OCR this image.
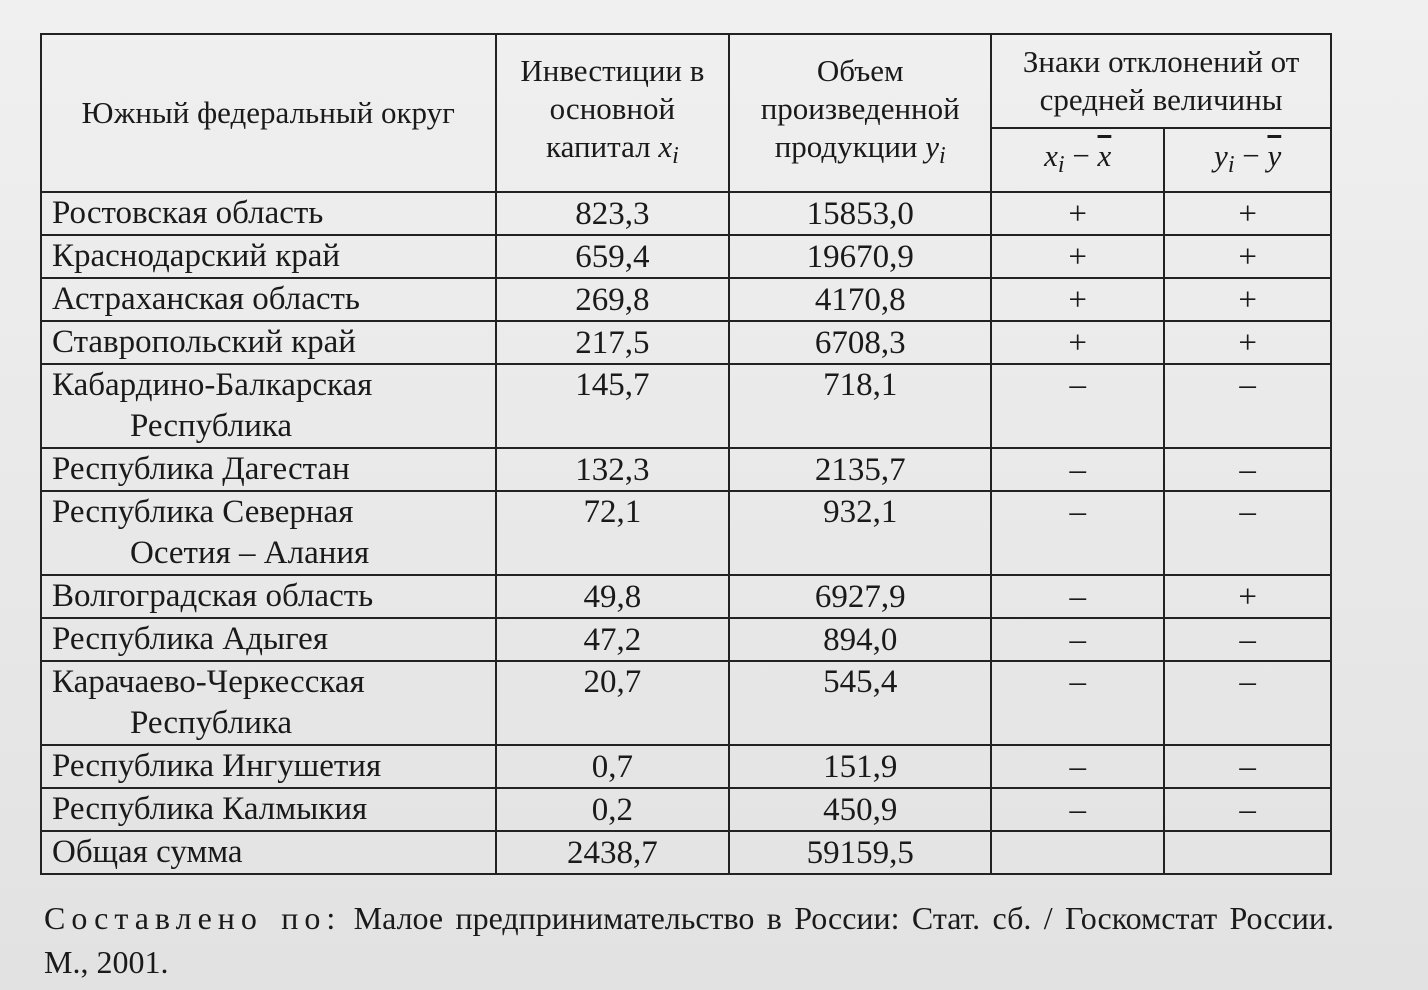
Южный федеральный округ	Инвестиции в основной капитал $x_i$	Объем произведенной продукции $y_i$	Знаки отклонений от средней величины	
			$x_i - \overline{x}$	$y_i - \overline{y}$
Ростовская область	823,3	15853,0	+	+
Краснодарский край	659,4	19670,9	+	+
Астраханская область	269,8	4170,8	+	+
Ставропольский край	217,5	6708,3	+	+
Кабардино-Балкарская
Республика	145,7	718,1	–	–
Республика Дагестан	132,3	2135,7	–	–
Республика Северная
Осетия – Алания	72,1	932,1	–	–
Волгоградская область	49,8	6927,9	–	+
Республика Адыгея	47,2	894,0	–	–
Карачаево-Черкесская
Республика	20,7	545,4	–	–
Республика Ингушетия	0,7	151,9	–	–
Республика Калмыкия	0,2	450,9	–	–
Общая сумма	2438,7	59159,5		
Составлено по: Малое предпринимательство в России: Стат. сб. / Госкомстат России. М., 2001.
